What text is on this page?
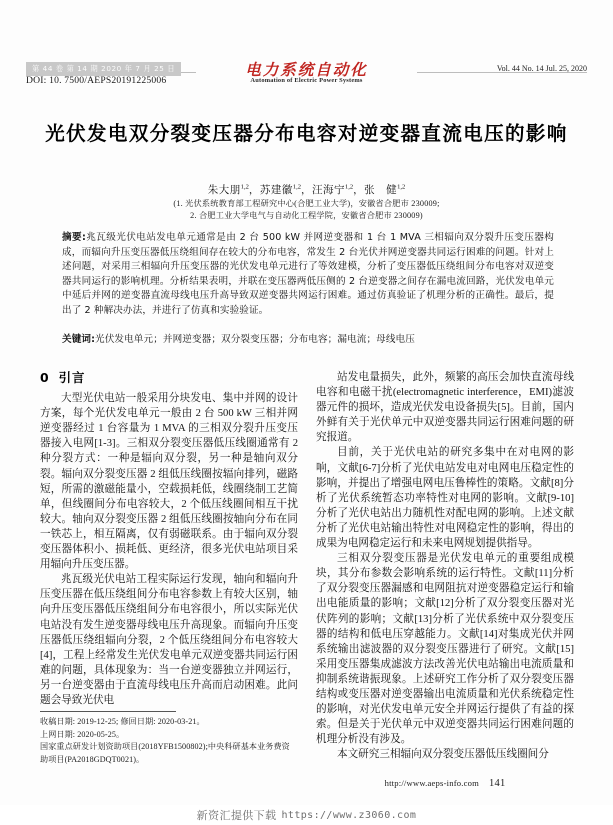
第 44 卷 第 14 期 2020 年 7 月 25 日
DOI: 10. 7500/AEPS20191225006
电力系统自动化
Automation of Electric Power Systems
Vol. 44 No. 14 Jul. 25, 2020
光伏发电双分裂变压器分布电容对逆变器直流电压的影响
朱大朋$^{1,2}$，苏建徽$^{1,2}$，汪海宁$^{1,2}$，张　健$^{1,2}$
(1. 光伏系统教育部工程研究中心(合肥工业大学)，安徽省合肥市 230009;
2. 合肥工业大学电气与自动化工程学院，安徽省合肥市 230009)
摘要:兆瓦级光伏电站发电单元通常是由 2 台 500 kW 并网逆变器和 1 台 1 MVA 三相辐向双分裂升压变压器构成，而辐向升压变压器低压绕组间存在较大的分布电容，常发生 2 台光伏并网逆变器共同运行困难的问题。针对上述问题，对采用三相辐向升压变压器的光伏发电单元进行了等效建模，分析了变压器低压绕组间分布电容对双逆变器共同运行的影响机理。分析结果表明，并联在变压器两低压侧的 2 台逆变器之间存在漏电流回路，光伏发电单元中延后并网的逆变器直流母线电压升高导致双逆变器共网运行困难。通过仿真验证了机理分析的正确性。最后，提出了 2 种解决办法，并进行了仿真和实验验证。
关键词:光伏发电单元；并网逆变器；双分裂变压器；分布电容；漏电流；母线电压
0 引言

大型光伏电站一般采用分块发电、集中并网的设计方案，每个光伏发电单元一般由 2 台 500 kW 三相并网逆变器经过 1 台容量为 1 MVA 的三相双分裂升压变压器接入电网[1-3]。三相双分裂变压器低压线圈通常有 2 种分裂方式：一种是辐向双分裂，另一种是轴向双分裂。辐向双分裂变压器 2 组低压线圈按辐向排列，磁路短，所需的激磁能量小，空载损耗低，线圈绕制工艺简单，但线圈间分布电容较大，2 个低压线圈间相互干扰较大。轴向双分裂变压器 2 组低压线圈按轴向分布在同一铁芯上，相互隔离，仅有弱磁联系。由于辐向双分裂变压器体积小、损耗低、更经济，很多光伏电站项目采用辐向升压变压器。

兆瓦级光伏电站工程实际运行发现，轴向和辐向升压变压器在低压绕组间分布电容参数上有较大区别，轴向升压变压器低压绕组间分布电容很小，所以实际光伏电站没有发生逆变器母线电压升高现象。而辐向升压变压器低压绕组辐向分裂，2 个低压绕组间分布电容较大[4]，工程上经常发生光伏发电单元双逆变器共同运行困难的问题，具体现象为：当一台逆变器独立并网运行，另一台逆变器由于直流母线电压升高而启动困难。此问题会导致光伏电

站发电量损失，此外，频繁的高压会加快直流母线电容和电磁干扰(electromagnetic interference，EMI)滤波器元件的损坏，造成光伏发电设备损失[5]。目前，国内外鲜有关于光伏单元中双逆变器共同运行困难问题的研究报道。

目前，关于光伏电站的研究多集中在对电网的影响，文献[6-7]分析了光伏电站发电对电网电压稳定性的影响，并提出了增强电网电压鲁棒性的策略。文献[8]分析了光伏系统暂态功率特性对电网的影响。文献[9-10]分析了光伏电站出力随机性对配电网的影响。上述文献分析了光伏电站输出特性对电网稳定性的影响，得出的成果为电网稳定运行和未来电网规划提供指导。

三相双分裂变压器是光伏发电单元的重要组成模块，其分布参数会影响系统的运行特性。文献[11]分析了双分裂变压器漏感和电网阻抗对逆变器稳定运行和输出电能质量的影响；文献[12]分析了双分裂变压器对光伏阵列的影响；文献[13]分析了光伏系统中双分裂变压器的结构和低电压穿越能力。文献[14]对集成光伏并网系统输出滤波器的双分裂变压器进行了研究。文献[15]采用变压器集成滤波方法改善光伏电站输出电流质量和抑制系统谐振现象。上述研究工作分析了双分裂变压器结构或变压器对逆变器输出电流质量和光伏系统稳定性的影响，对光伏发电单元安全并网运行提供了有益的探索。但是关于光伏单元中双逆变器共同运行困难问题的机理分析没有涉及。

本文研究三相辐向双分裂变压器低压线圈间分

收稿日期: 2019-12-25; 修回日期: 2020-03-21。
上网日期: 2020-05-25。
国家重点研发计划资助项目(2018YFB1500802);中央科研基本业务费资助项目(PA2018GDQT0021)。
http://www.aeps-info.com 141
新资汇提供下载 https://www.z3060.com
